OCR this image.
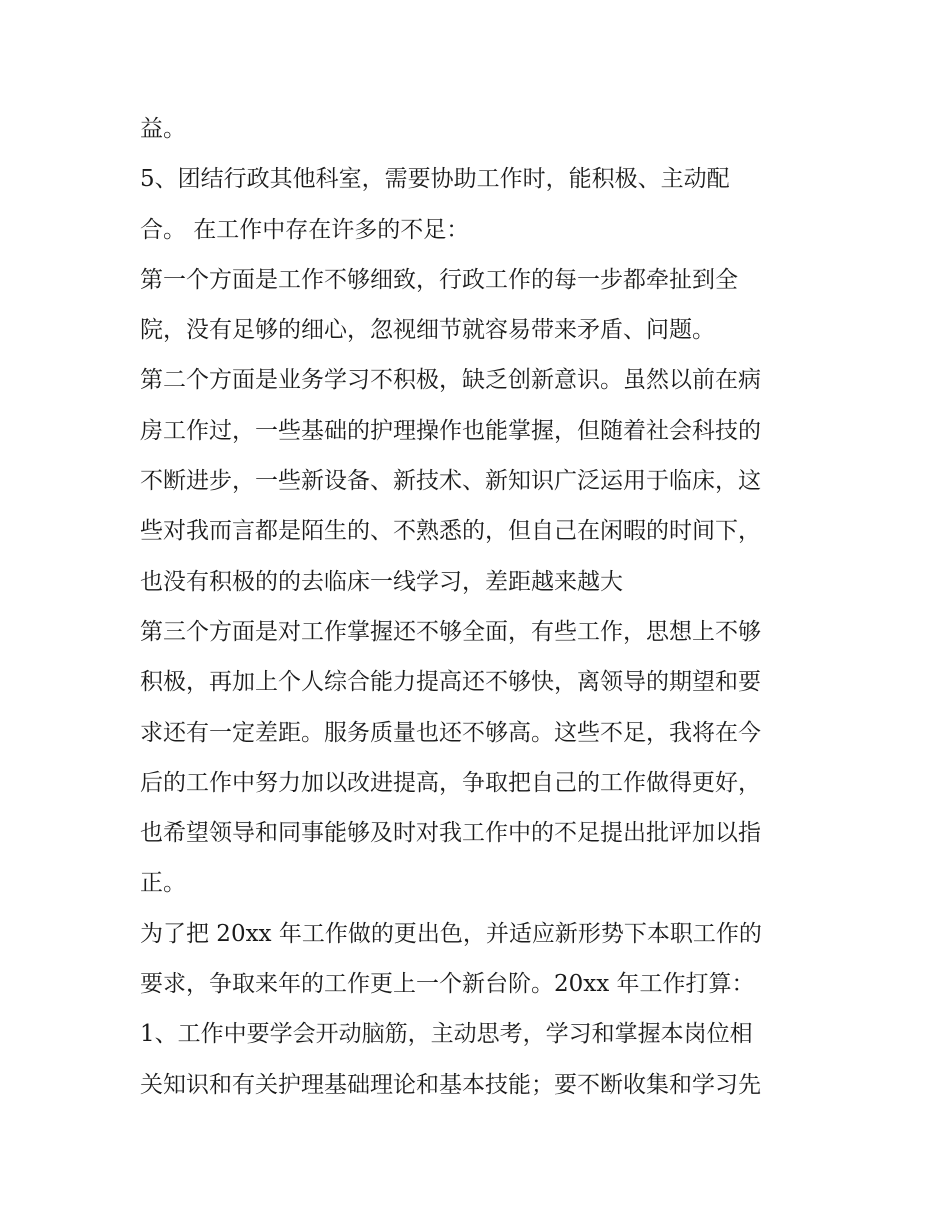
益。
5、团结行政其他科室，需要协助工作时，能积极、主动配
合。 在工作中存在许多的不足：
第一个方面是工作不够细致，行政工作的每一步都牵扯到全
院，没有足够的细心，忽视细节就容易带来矛盾、问题。
第二个方面是业务学习不积极，缺乏创新意识。虽然以前在病
房工作过，一些基础的护理操作也能掌握，但随着社会科技的
不断进步，一些新设备、新技术、新知识广泛运用于临床，这
些对我而言都是陌生的、不熟悉的，但自己在闲暇的时间下，
也没有积极的的去临床一线学习，差距越来越大
第三个方面是对工作掌握还不够全面，有些工作，思想上不够
积极，再加上个人综合能力提高还不够快，离领导的期望和要
求还有一定差距。服务质量也还不够高。这些不足，我将在今
后的工作中努力加以改进提高，争取把自己的工作做得更好，
也希望领导和同事能够及时对我工作中的不足提出批评加以指
正。
为了把 20xx 年工作做的更出色，并适应新形势下本职工作的
要求，争取来年的工作更上一个新台阶。20xx 年工作打算：
1、工作中要学会开动脑筋，主动思考，学习和掌握本岗位相
关知识和有关护理基础理论和基本技能；要不断收集和学习先
